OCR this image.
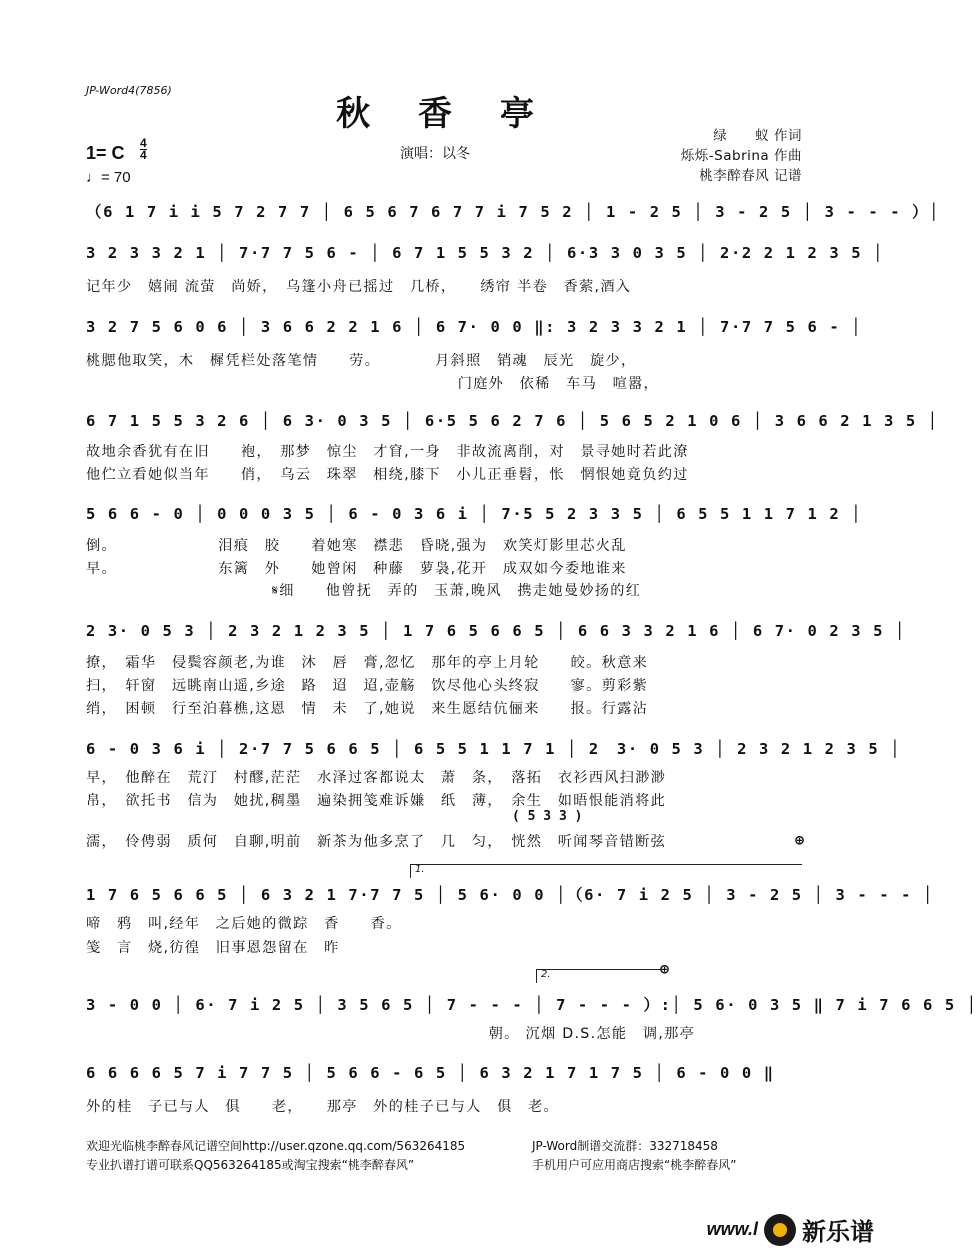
JP-Word4(7856)
秋 香 亭
1= C 4
4
♩= 70
演唱：以冬
绿　　蚁 作词
烁烁-Sabrina 作曲
桃李醉春风 记谱
（6 1 7 i i 5 7 2 7 7 │ 6 5 6 7 6 7 7 i 7 5 2 │ 1 - 2 5 │ 3 - 2 5 │ 3 - - - ）│
3 2 3 3 2 1 │ 7·7 7 5 6 - │ 6 7 1 5 5 3 2 │ 6·3 3 0 3 5 │ 2·2 2 1 2 3 5 │
记年少　嬉闹 流萤　尚娇，　乌篷小舟已摇过　几桥，　　绣帘 半卷　香萦,酒入
3 2 7 5 6 0 6 │ 3 6 6 2 2 1 6 │ 6 7· 0 0 ‖: 3 2 3 3 2 1 │ 7·7 7 5 6 - │
桃腮他取笑，木　樨凭栏处落笔情　　劳。　　　　月斜照　销魂　辰光　旋少，
　　　　　　　　　　　　　　　　　　　　　　　　门庭外　依稀　车马　喧嚣，
6 7 1 5 5 3 2 6 │ 6 3· 0 3 5 │ 6·5 5 6 2 7 6 │ 5 6 5 2 1 0 6 │ 3 6 6 2 1 3 5 │
故地余香犹有在旧　　袍，　那梦　惊尘　才窅,一身　非故流离削，对　景寻她时若此潦
他伫立看她似当年　　俏，　乌云　珠翠　相绕,膝下　小儿正垂髫，怅　惘恨她竟负约过
5 6 6 - 0 │ 0 0 0 3 5 │ 6 - 0 3 6 i │ 7·5 5 2 3 3 5 │ 6 5 5 1 1 7 1 2 │
倒。　　　　　　　泪痕　胶　　着她寒　襟悲　昏晓,强为　欢笑灯影里芯火乱
早。　　　　　　　东篱　外　　她曾闲　种藤　萝袅,花开　成双如今委地谁来
　　　　　　　　　　　　𝄋细　　他曾抚　弄的　玉萧,晚风　携走她曼妙扬的红
2 3· 0 5 3 │ 2 3 2 1 2 3 5 │ 1 7 6 5 6 6 5 │ 6 6 3 3 2 1 6 │ 6 7· 0 2 3 5 │
撩，　霜华　侵鬓容颜老,为谁　沐　唇　膏,忽忆　那年的亭上月轮　　皎。秋意来
扫，　轩窗　远眺南山遥,乡途　路　迢　迢,壶觞　饮尽他心头终寂　　寥。剪彩紫
绡，　困顿　行至泊暮樵,这恩　情　未　了,她说　来生愿结伉俪来　　报。行露沾
6 - 0 3 6 i │ 2·7 7 5 6 6 5 │ 6 5 5 1 1 7 1 │ 2　3· 0 5 3 │ 2 3 2 1 2 3 5 │
早，　他醉在　荒汀　村醪,茫茫　水泽过客都说太　萧　条，　落拓　衣衫西风扫渺渺
帛，　欲托书　信为　她扰,稠墨　遍染拥笺难诉嫌　纸　薄，　余生　如晤恨能消将此
( 5 3 3 )
濡，　伶俜弱　质何　自聊,明前　新茶为他多烹了　几　匀，　恍然　听闻琴音错断弦	⊕
1.
1 7 6 5 6 6 5 │ 6 3 2 1 7·7 7 5 │ 5 6· 0 0 │（6· 7 i 2 5 │ 3 - 2 5 │ 3 - - - │
啼　鸦　叫,经年　之后她的微踪　香　　香。
笺　言　烧,彷徨　旧事恩怨留在　昨
2.	⊕
3 - 0 0 │ 6· 7 i 2 5 │ 3 5 6 5 │ 7 - - - │ 7 - - - ）:│ 5 6· 0 3 5 ‖ 7 i 7 6 6 5 │
　　　　　　　　　　　　　　　　　　　　　　　　　　朝。 沉烟 D.S.怎能　调,那亭
6 6 6 6 5 7 i 7 7 5 │ 5 6 6 - 6 5 │ 6 3 2 1 7 1 7 5 │ 6 - 0 0 ‖
外的桂　子已与人　俱　　老，　　那亭　外的桂子已与人　俱　老。
欢迎光临桃李醉春风记谱空间http://user.qzone.qq.com/563264185	JP-Word制谱交流群：332718458
专业扒谱打谱可联系QQ563264185或淘宝搜索“桃李醉春风”	手机用户可应用商店搜索“桃李醉春风”
www.l 新乐谱
